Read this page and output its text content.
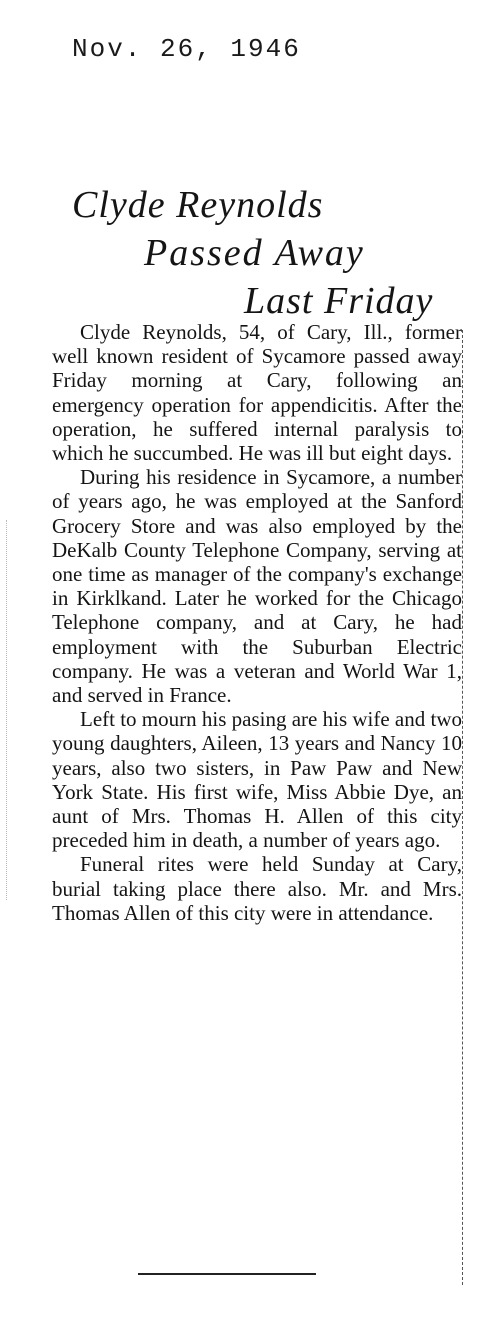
Nov. 26, 1946
Clyde Reynolds
Passed Away
Last Friday

Clyde Reynolds, 54, of Cary, Ill., former well known resident of Sycamore passed away Friday morning at Cary, following an emergency operation for appendicitis. After the operation, he suffered internal paralysis to which he succumbed. He was ill but eight days.

During his residence in Sycamore, a number of years ago, he was employed at the Sanford Grocery Store and was also employed by the DeKalb County Telephone Company, serving at one time as manager of the company's exchange in Kirklkand. Later he worked for the Chicago Telephone company, and at Cary, he had employment with the Suburban Electric company. He was a veteran and World War 1, and served in France.

Left to mourn his pasing are his wife and two young daughters, Aileen, 13 years and Nancy 10 years, also two sisters, in Paw Paw and New York State. His first wife, Miss Abbie Dye, an aunt of Mrs. Thomas H. Allen of this city preceded him in death, a number of years ago.

Funeral rites were held Sunday at Cary, burial taking place there also. Mr. and Mrs. Thomas Allen of this city were in attendance.
